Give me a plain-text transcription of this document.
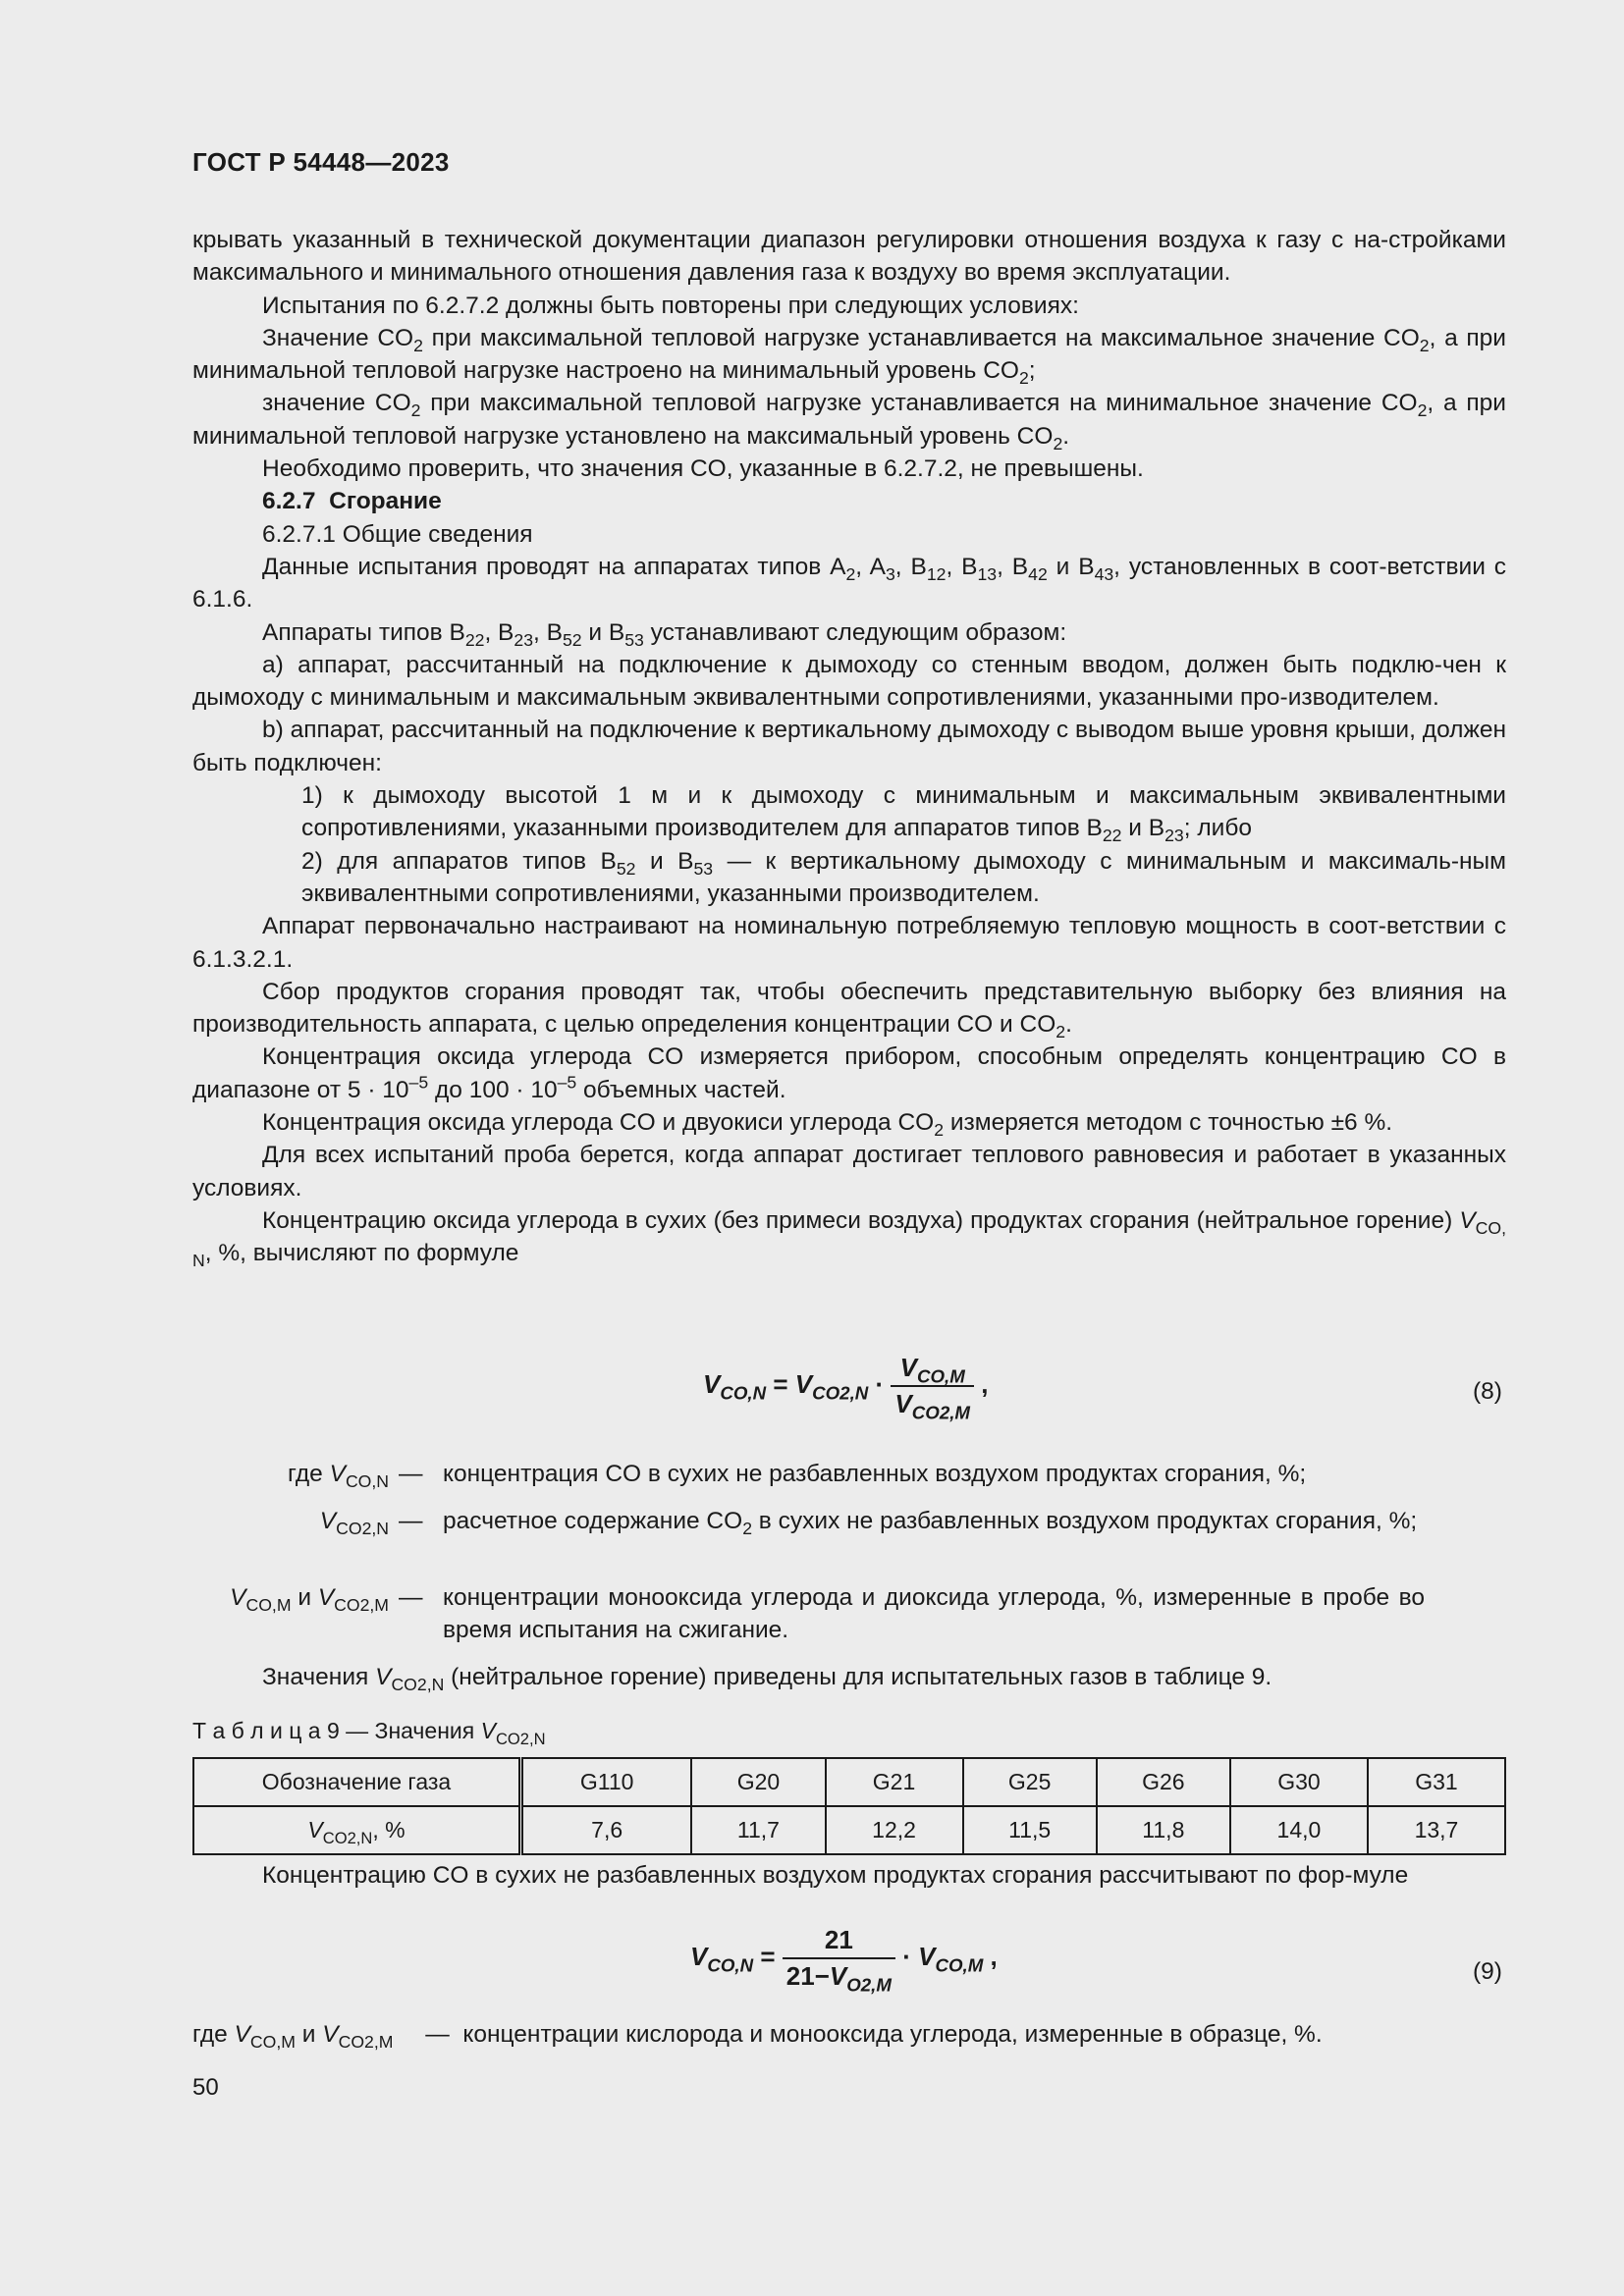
ГОСТ Р 54448—2023

крывать указанный в технической документации диапазон регулировки отношения воздуха к газу с на-стройками максимального и минимального отношения давления газа к воздуху во время эксплуатации.

Испытания по 6.2.7.2 должны быть повторены при следующих условиях:

Значение $CO_2$ при максимальной тепловой нагрузке устанавливается на максимальное значение $CO_2$, а при минимальной тепловой нагрузке настроено на минимальный уровень $CO_2$;

значение $CO_2$ при максимальной тепловой нагрузке устанавливается на минимальное значение $CO_2$, а при минимальной тепловой нагрузке установлено на максимальный уровень $CO_2$.

Необходимо проверить, что значения CO, указанные в 6.2.7.2, не превышены.

6.2.7 Сгорание

6.2.7.1 Общие сведения

Данные испытания проводят на аппаратах типов $A_2$, $A_3$, $B_{12}$, $B_{13}$, $B_{42}$ и $B_{43}$, установленных в соот-ветствии с 6.1.6.

Аппараты типов $B_{22}$, $B_{23}$, $B_{52}$ и $B_{53}$ устанавливают следующим образом:

a) аппарат, рассчитанный на подключение к дымоходу со стенным вводом, должен быть подклю-чен к дымоходу с минимальным и максимальным эквивалентными сопротивлениями, указанными про-изводителем.

b) аппарат, рассчитанный на подключение к вертикальному дымоходу с выводом выше уровня крыши, должен быть подключен:

1) к дымоходу высотой 1 м и к дымоходу с минимальным и максимальным эквивалентными сопротивлениями, указанными производителем для аппаратов типов $B_{22}$ и $B_{23}$; либо

2) для аппаратов типов $B_{52}$ и $B_{53}$ — к вертикальному дымоходу с минимальным и максималь-ным эквивалентными сопротивлениями, указанными производителем.

Аппарат первоначально настраивают на номинальную потребляемую тепловую мощность в соот-ветствии с 6.1.3.2.1.

Сбор продуктов сгорания проводят так, чтобы обеспечить представительную выборку без влияния на производительность аппарата, с целью определения концентрации CO и $CO_2$.

Концентрация оксида углерода CO измеряется прибором, способным определять концентрацию CO в диапазоне от $5 \cdot 10^{-5}$ до $100 \cdot 10^{-5}$ объемных частей.

Концентрация оксида углерода CO и двуокиси углерода $CO_2$ измеряется методом с точностью ±6 %.

Для всех испытаний проба берется, когда аппарат достигает теплового равновесия и работает в указанных условиях.

Концентрацию оксида углерода в сухих (без примеси воздуха) продуктах сгорания (нейтральное горение) $V_{CO, N}$, %, вычисляют по формуле

$V_{CO,N} = V_{CO2,N} \cdot \frac{V_{CO,M}}{V_{CO2,M}}$ ,	(8)
где $V_{CO,N}$ — концентрация CO в сухих не разбавленных воздухом продуктах сгорания, %;
$V_{CO2,N}$ — расчетное содержание $CO_2$ в сухих не разбавленных воздухом продуктах сгорания, %;
$V_{CO,M}$ и $V_{CO2,M}$ — концентрации монооксида углерода и диоксида углерода, %, измеренные в пробе во время испытания на сжигание.
Значения $V_{CO2,N}$ (нейтральное горение) приведены для испытательных газов в таблице 9.
Т а б л и ц а 9 — Значения $V_{CO2,N}$
Обозначение газа	G110	G20	G21	G25	G26	G30	G31
$V_{CO2,N}$, %	7,6	11,7	12,2	11,5	11,8	14,0	13,7

Концентрацию CO в сухих не разбавленных воздухом продуктах сгорания рассчитывают по фор-муле

$V_{CO,N} = \frac{21}{21-V_{O2,M}} \cdot V_{CO,M}$ ,
(9)
где $V_{CO,M}$ и $V_{CO2,M}$ — концентрации кислорода и монооксида углерода, измеренные в образце, %.
50
